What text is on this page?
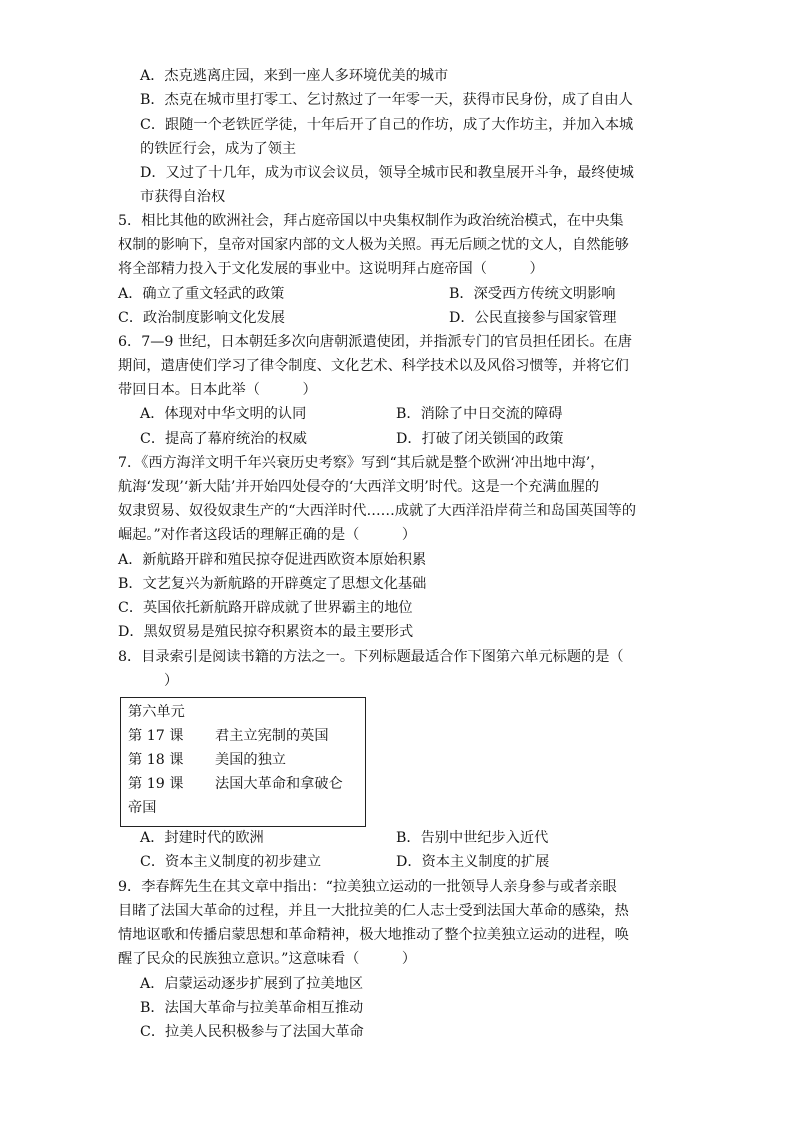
A．杰克逃离庄园，来到一座人多环境优美的城市
B．杰克在城市里打零工、乞讨熬过了一年零一天，获得市民身份，成了自由人
C．跟随一个老铁匠学徒，十年后开了自己的作坊，成了大作坊主，并加入本城
的铁匠行会，成为了领主
D．又过了十几年，成为市议会议员，领导全城市民和教皇展开斗争，最终使城
市获得自治权
5．相比其他的欧洲社会，拜占庭帝国以中央集权制作为政治统治模式，在中央集
权制的影响下，皇帝对国家内部的文人极为关照。再无后顾之忧的文人，自然能够
将全部精力投入于文化发展的事业中。这说明拜占庭帝国（　　　）
A．确立了重文轻武的政策	B．深受西方传统文明影响
C．政治制度影响文化发展	D．公民直接参与国家管理
6．7—9 世纪，日本朝廷多次向唐朝派遣使团，并指派专门的官员担任团长。在唐
期间，遣唐使们学习了律令制度、文化艺术、科学技术以及风俗习惯等，并将它们
带回日本。日本此举（　　　）
A．体现对中华文明的认同	B．消除了中日交流的障碍
C．提高了幕府统治的权威	D．打破了闭关锁国的政策
7．《西方海洋文明千年兴衰历史考察》写到“其后就是整个欧洲‘冲出地中海’，
航海‘发现’‘新大陆’并开始四处侵夺的‘大西洋文明’时代。这是一个充满血腥的
奴隶贸易、奴役奴隶生产的“大西洋时代……成就了大西洋沿岸荷兰和岛国英国等的
崛起。”对作者这段话的理解正确的是（　　　）
A．新航路开辟和殖民掠夺促进西欧资本原始积累
B．文艺复兴为新航路的开辟奠定了思想文化基础
C．英国依托新航路开辟成就了世界霸主的地位
D．黑奴贸易是殖民掠夺积累资本的最主要形式
8．目录索引是阅读书籍的方法之一。下列标题最适合作下图第六单元标题的是（
）
第六单元
第 17 课 君主立宪制的英国
第 18 课 美国的独立
第 19 课 法国大革命和拿破仑
帝国
A．封建时代的欧洲	B．告别中世纪步入近代
C．资本主义制度的初步建立	D．资本主义制度的扩展
9．李春辉先生在其文章中指出：“拉美独立运动的一批领导人亲身参与或者亲眼
目睹了法国大革命的过程，并且一大批拉美的仁人志士受到法国大革命的感染，热
情地讴歌和传播启蒙思想和革命精神，极大地推动了整个拉美独立运动的进程，唤
醒了民众的民族独立意识。”这意味看（　　　）
A．启蒙运动逐步扩展到了拉美地区
B．法国大革命与拉美革命相互推动
C．拉美人民积极参与了法国大革命
